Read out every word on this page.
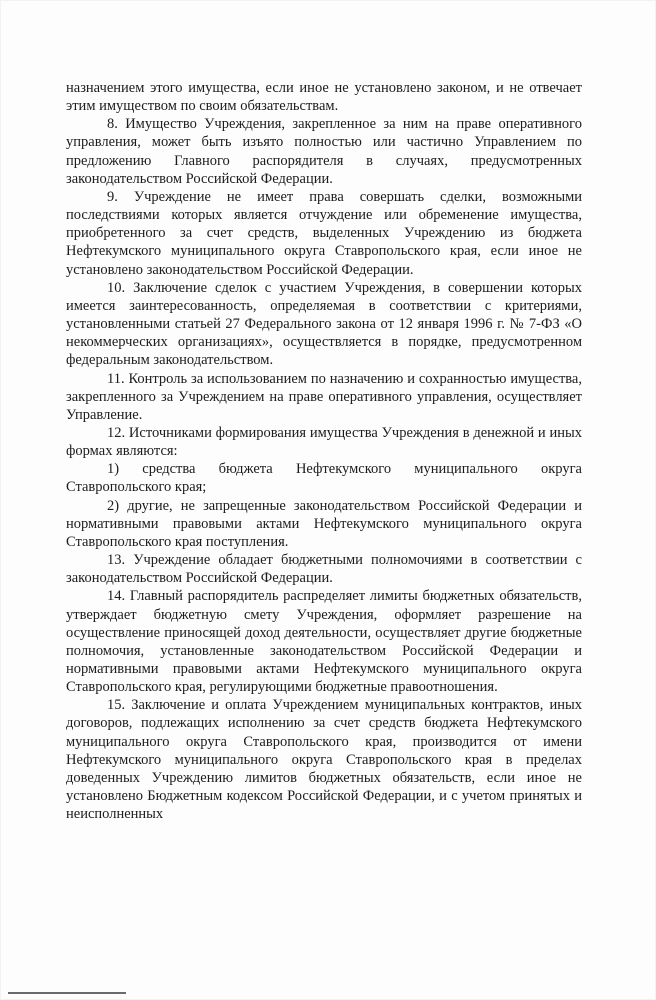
назначением этого имущества, если иное не установлено законом, и не отвечает этим имуществом по своим обязательствам.

8. Имущество Учреждения, закрепленное за ним на праве оперативного управления, может быть изъято полностью или частично Управлением по предложению Главного распорядителя в случаях, предусмотренных законодательством Российской Федерации.

9. Учреждение не имеет права совершать сделки, возможными последствиями которых является отчуждение или обременение имущества, приобретенного за счет средств, выделенных Учреждению из бюджета Нефтекумского муниципального округа Ставропольского края, если иное не установлено законодательством Российской Федерации.

10. Заключение сделок с участием Учреждения, в совершении которых имеется заинтересованность, определяемая в соответствии с критериями, установленными статьей 27 Федерального закона от 12 января 1996 г. № 7-ФЗ «О некоммерческих организациях», осуществляется в порядке, предусмотренном федеральным законодательством.

11. Контроль за использованием по назначению и сохранностью имущества, закрепленного за Учреждением на праве оперативного управления, осуществляет Управление.

12. Источниками формирования имущества Учреждения в денежной и иных формах являются:

1) средства бюджета Нефтекумского муниципального округа Ставропольского края;

2) другие, не запрещенные законодательством Российской Федерации и нормативными правовыми актами Нефтекумского муниципального округа Ставропольского края поступления.

13. Учреждение обладает бюджетными полномочиями в соответствии с законодательством Российской Федерации.

14. Главный распорядитель распределяет лимиты бюджетных обязательств, утверждает бюджетную смету Учреждения, оформляет разрешение на осуществление приносящей доход деятельности, осуществляет другие бюджетные полномочия, установленные законодательством Российской Федерации и нормативными правовыми актами Нефтекумского муниципального округа Ставропольского края, регулирующими бюджетные правоотношения.

15. Заключение и оплата Учреждением муниципальных контрактов, иных договоров, подлежащих исполнению за счет средств бюджета Нефтекумского муниципального округа Ставропольского края, производится от имени Нефтекумского муниципального округа Ставропольского края в пределах доведенных Учреждению лимитов бюджетных обязательств, если иное не установлено Бюджетным кодексом Российской Федерации, и с учетом принятых и неисполненных
